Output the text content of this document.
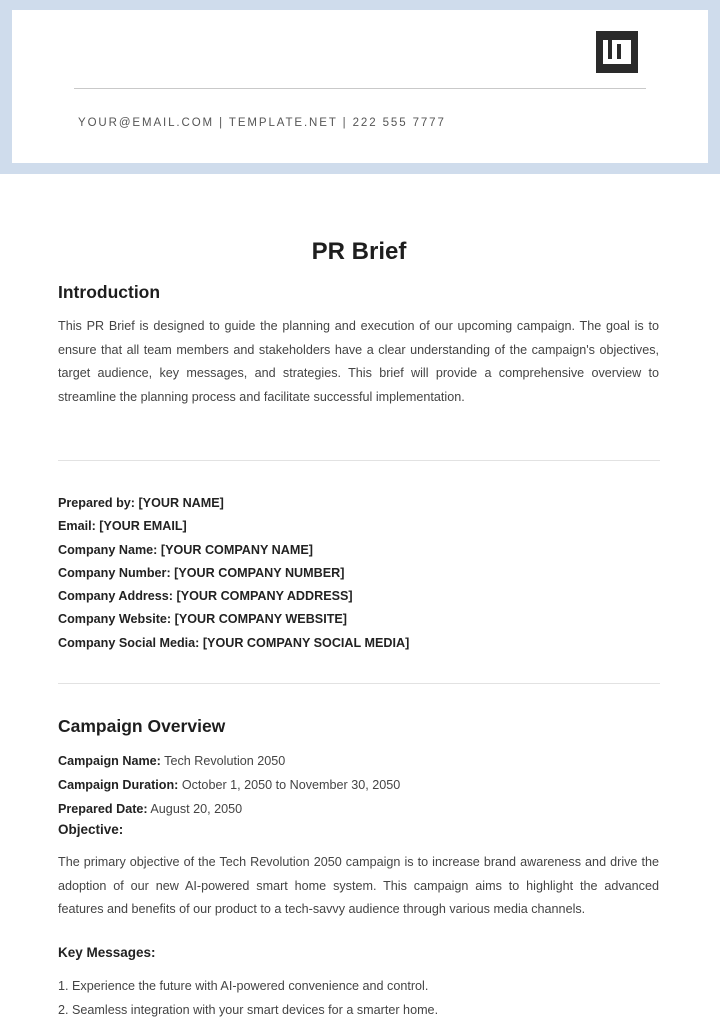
YOUR@EMAIL.COM | TEMPLATE.NET | 222 555 7777
PR Brief
Introduction

This PR Brief is designed to guide the planning and execution of our upcoming campaign. The goal is to ensure that all team members and stakeholders have a clear understanding of the campaign's objectives, target audience, key messages, and strategies. This brief will provide a comprehensive overview to streamline the planning process and facilitate successful implementation.

Prepared by: [YOUR NAME]
Email: [YOUR EMAIL]
Company Name: [YOUR COMPANY NAME]
Company Number: [YOUR COMPANY NUMBER]
Company Address: [YOUR COMPANY ADDRESS]
Company Website: [YOUR COMPANY WEBSITE]
Company Social Media: [YOUR COMPANY SOCIAL MEDIA]
Campaign Overview
Campaign Name: Tech Revolution 2050
Campaign Duration: October 1, 2050 to November 30, 2050
Prepared Date: August 20, 2050
Objective:

The primary objective of the Tech Revolution 2050 campaign is to increase brand awareness and drive the adoption of our new AI-powered smart home system. This campaign aims to highlight the advanced features and benefits of our product to a tech-savvy audience through various media channels.

Key Messages:
1. Experience the future with AI-powered convenience and control.
2. Seamless integration with your smart devices for a smarter home.
